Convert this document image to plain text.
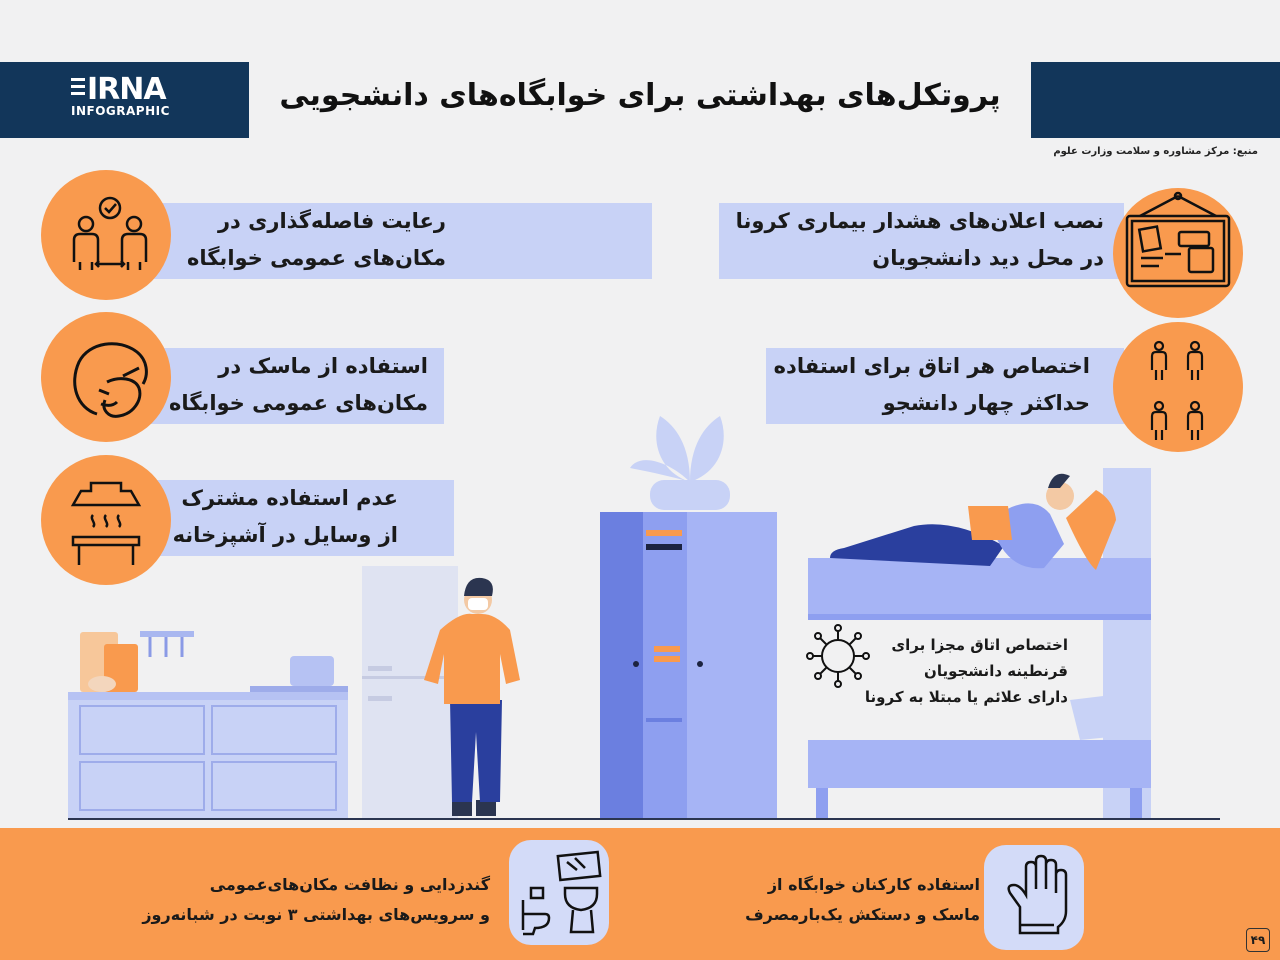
IRNA
INFOGRAPHIC	پروتکل‌های بهداشتی برای خوابگاه‌های دانشجویی
منبع: مرکز مشاوره و سلامت وزارت علوم
رعایت فاصله‌گذاری در
مکان‌های عمومی خوابگاه
استفاده از ماسک در
مکان‌های عمومی خوابگاه
عدم استفاده مشترک
از وسایل در آشپزخانه
نصب اعلان‌های هشدار بیماری کرونا
در محل دید دانشجویان
اختصاص هر اتاق برای استفاده
حداکثر چهار دانشجو
اختصاص اتاق مجزا برای
قرنطینه دانشجویان
دارای علائم یا مبتلا به کرونا
گندزدایی و نظافت مکان‌های‌عمومی
و سرویس‌های بهداشتی ۳ نوبت در شبانه‌روز
استفاده کارکنان خوابگاه از
ماسک و دستکش یک‌بارمصرف
۴۹
